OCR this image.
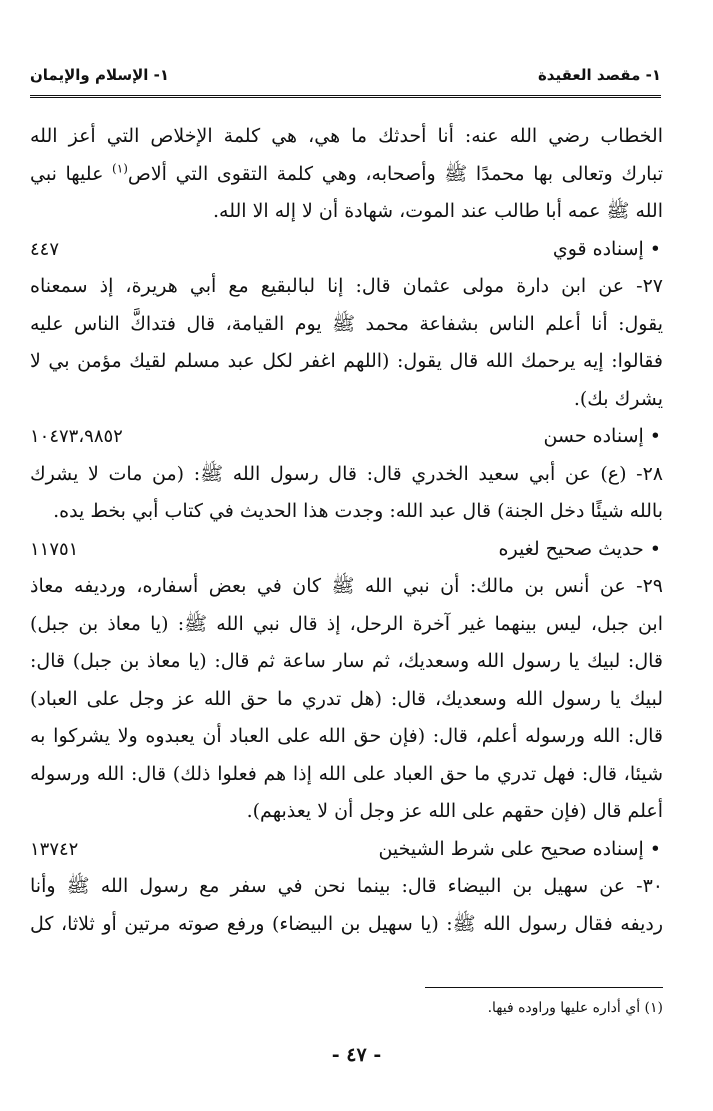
١- مقصد العقيدة
١- الإسلام والإيمان
الخطاب رضي الله عنه: أنا أحدثك ما هي، هي كلمة الإخلاص التي أعز الله
تبارك وتعالى بها محمدًا ﷺ وأصحابه، وهي كلمة التقوى التي ألاص$^{(١)}$ عليها نبي
الله ﷺ عمه أبا طالب عند الموت، شهادة أن لا إله الا الله.
•إسناده قوي
٤٤٧
٢٧- عن ابن دارة مولى عثمان قال: إنا لبالبقيع مع أبي هريرة، إذ سمعناه
يقول: أنا أعلم الناس بشفاعة محمد ﷺ يوم القيامة، قال فتداكَّ الناس عليه
فقالوا: إيه يرحمك الله قال يقول: (اللهم اغفر لكل عبد مسلم لقيك مؤمن بي لا
يشرك بك).
•إسناده حسن
١٠٤٧٣،٩٨٥٢
٢٨- (ع) عن أبي سعيد الخدري قال: قال رسول الله ﷺ: (من مات لا يشرك
بالله شيئًا دخل الجنة) قال عبد الله: وجدت هذا الحديث في كتاب أبي بخط يده.
•حديث صحيح لغيره
١١٧٥١
٢٩- عن أنس بن مالك: أن نبي الله ﷺ كان في بعض أسفاره، ورديفه معاذ
ابن جبل، ليس بينهما غير آخرة الرحل، إذ قال نبي الله ﷺ: (يا معاذ بن جبل)
قال: لبيك يا رسول الله وسعديك، ثم سار ساعة ثم قال: (يا معاذ بن جبل) قال:
لبيك يا رسول الله وسعديك، قال: (هل تدري ما حق الله عز وجل على العباد)
قال: الله ورسوله أعلم، قال: (فإن حق الله على العباد أن يعبدوه ولا يشركوا به
شيئا، قال: فهل تدري ما حق العباد على الله إذا هم فعلوا ذلك) قال: الله ورسوله
أعلم قال (فإن حقهم على الله عز وجل أن لا يعذبهم).
•إسناده صحيح على شرط الشيخين
١٣٧٤٢
٣٠- عن سهيل بن البيضاء قال: بينما نحن في سفر مع رسول الله ﷺ وأنا
رديفه فقال رسول الله ﷺ: (يا سهيل بن البيضاء) ورفع صوته مرتين أو ثلاثا، كل
(١) أي أداره عليها وراوده فيها.
- ٤٧ -
